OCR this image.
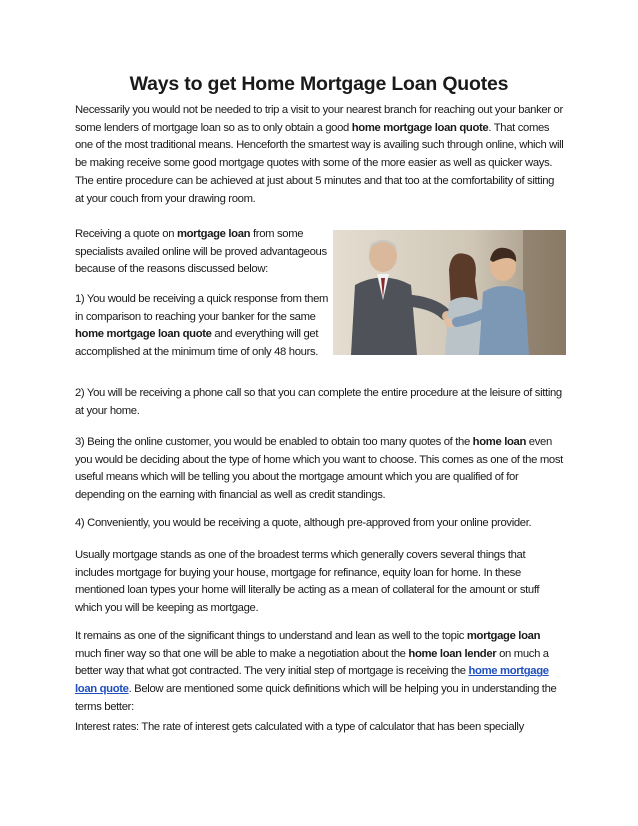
Ways to get Home Mortgage Loan Quotes

Necessarily you would not be needed to trip a visit to your nearest branch for reaching out your banker or some lenders of mortgage loan so as to only obtain a good home mortgage loan quote. That comes one of the most traditional means. Henceforth the smartest way is availing such through online, which will be making receive some good mortgage quotes with some of the more easier as well as quicker ways. The entire procedure can be achieved at just about 5 minutes and that too at the comfortability of sitting at your couch from your drawing room.

Receiving a quote on mortgage loan from some specialists availed online will be proved advantageous because of the reasons discussed below:

1) You would be receiving a quick response from them in comparison to reaching your banker for the same home mortgage loan quote and everything will get accomplished at the minimum time of only 48 hours.

2) You will be receiving a phone call so that you can complete the entire procedure at the leisure of sitting at your home.

3) Being the online customer, you would be enabled to obtain too many quotes of the home loan even you would be deciding about the type of home which you want to choose. This comes as one of the most useful means which will be telling you about the mortgage amount which you are qualified of for depending on the earning with financial as well as credit standings.

4) Conveniently, you would be receiving a quote, although pre-approved from your online provider.

Usually mortgage stands as one of the broadest terms which generally covers several things that includes mortgage for buying your house, mortgage for refinance, equity loan for home. In these mentioned loan types your home will literally be acting as a mean of collateral for the amount or stuff which you will be keeping as mortgage.

It remains as one of the significant things to understand and lean as well to the topic mortgage loan much finer way so that one will be able to make a negotiation about the home loan lender on much a better way that what got contracted. The very initial step of mortgage is receiving the home mortgage loan quote. Below are mentioned some quick definitions which will be helping you in understanding the terms better:

Interest rates: The rate of interest gets calculated with a type of calculator that has been specially
